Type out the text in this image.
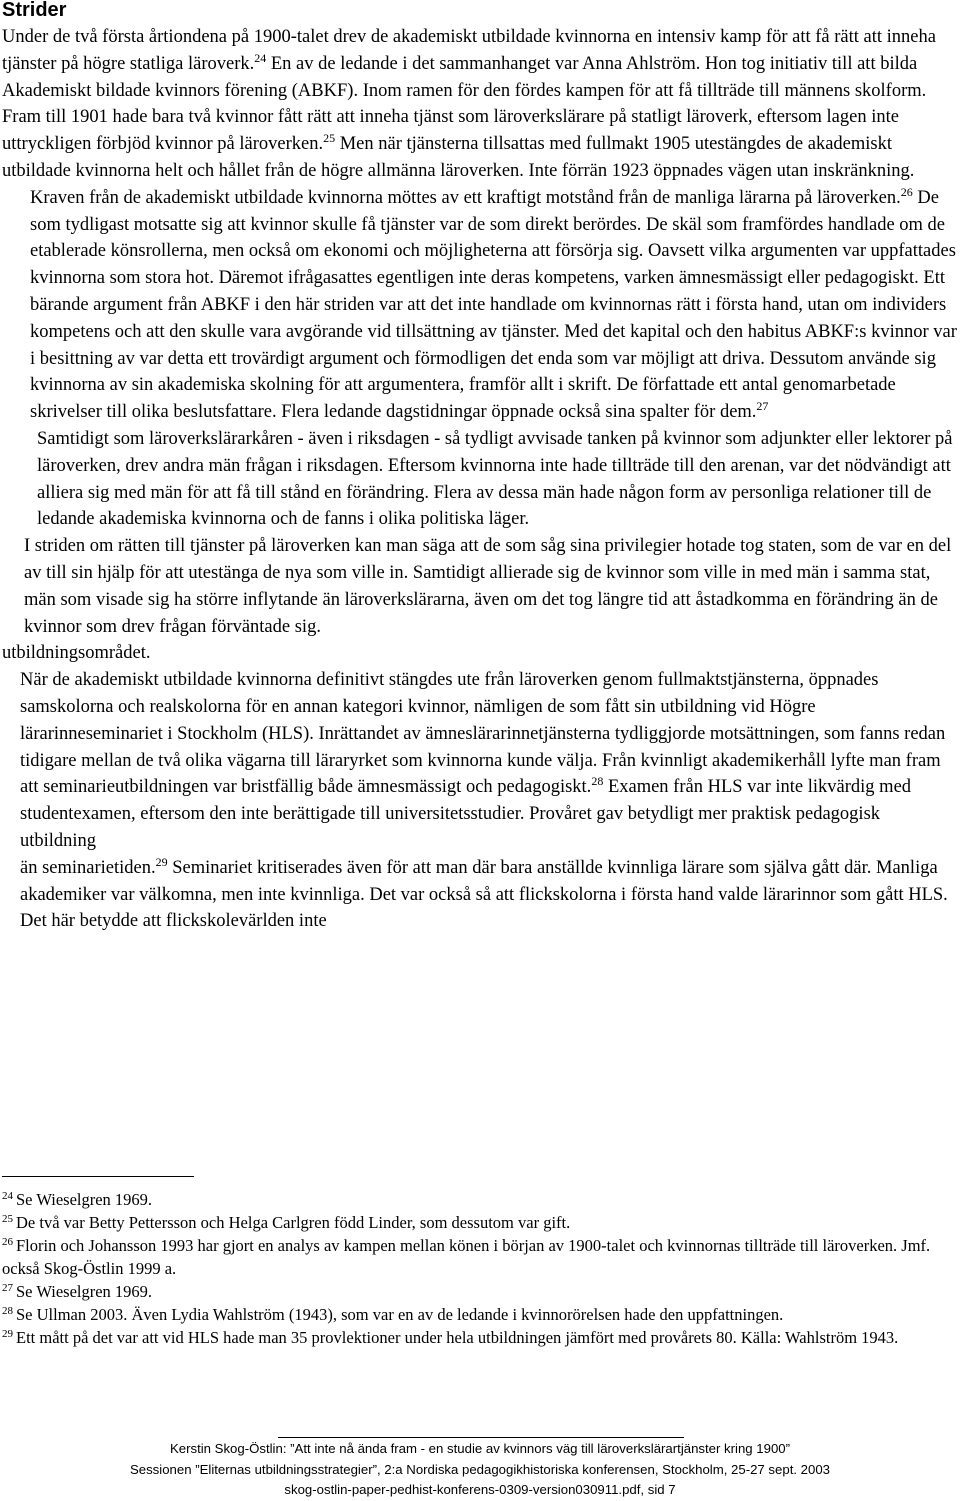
Strider

Under de två första årtiondena på 1900-talet drev de akademiskt utbildade kvinnorna en intensiv kamp för att få rätt att inneha tjänster på högre statliga läroverk.$^{24}$ En av de ledande i det sammanhanget var Anna Ahlström. Hon tog initiativ till att bilda Akademiskt bildade kvinnors förening (ABKF). Inom ramen för den fördes kampen för att få tillträde till männens skolform. Fram till 1901 hade bara två kvinnor fått rätt att inneha tjänst som läroverkslärare på statligt läroverk, eftersom lagen inte uttryckligen förbjöd kvinnor på läroverken.$^{25}$ Men när tjänsterna tillsattas med fullmakt 1905 utestängdes de akademiskt utbildade kvinnorna helt och hållet från de högre allmänna läroverken. Inte förrän 1923 öppnades vägen utan inskränkning.

Kraven från de akademiskt utbildade kvinnorna möttes av ett kraftigt motstånd från de manliga lärarna på läroverken.$^{26}$ De som tydligast motsatte sig att kvinnor skulle få tjänster var de som direkt berördes. De skäl som framfördes handlade om de etablerade könsrollerna, men också om ekonomi och möjligheterna att försörja sig. Oavsett vilka argumenten var uppfattades kvinnorna som stora hot. Däremot ifrågasattes egentligen inte deras kompetens, varken ämnesmässigt eller pedagogiskt. Ett bärande argument från ABKF i den här striden var att det inte handlade om kvinnornas rätt i första hand, utan om individers kompetens och att den skulle vara avgörande vid tillsättning av tjänster. Med det kapital och den habitus ABKF:s kvinnor var i besittning av var detta ett trovärdigt argument och förmodligen det enda som var möjligt att driva. Dessutom använde sig kvinnorna av sin akademiska skolning för att argumentera, framför allt i skrift. De författade ett antal genomarbetade skrivelser till olika beslutsfattare. Flera ledande dagstidningar öppnade också sina spalter för dem.$^{27}$

Samtidigt som läroverkslärarkåren - även i riksdagen - så tydligt avvisade tanken på kvinnor som adjunkter eller lektorer på läroverken, drev andra män frågan i riksdagen. Eftersom kvinnorna inte hade tillträde till den arenan, var det nödvändigt att alliera sig med män för att få till stånd en förändring. Flera av dessa män hade någon form av personliga relationer till de ledande akademiska kvinnorna och de fanns i olika politiska läger.

I striden om rätten till tjänster på läroverken kan man säga att de som såg sina privilegier hotade tog staten, som de var en del av till sin hjälp för att utestänga de nya som ville in. Samtidigt allierade sig de kvinnor som ville in med män i samma stat, män som visade sig ha större inflytande än läroverkslärarna, även om det tog längre tid att åstadkomma en förändring än de kvinnor som drev frågan förväntade sig.

utbildningsområdet.

När de akademiskt utbildade kvinnorna definitivt stängdes ute från läroverken genom fullmaktstjänsterna, öppnades samskolorna och realskolorna för en annan kategori kvinnor, nämligen de som fått sin utbildning vid Högre lärarinneseminariet i Stockholm (HLS). Inrättandet av ämneslärarinnetjänsterna tydliggjorde motsättningen, som fanns redan tidigare mellan de två olika vägarna till läraryrket som kvinnorna kunde välja. Från kvinnligt akademikerhåll lyfte man fram att seminarieutbildningen var bristfällig både ämnesmässigt och pedagogiskt.$^{28}$ Examen från HLS var inte likvärdig med studentexamen, eftersom den inte berättigade till universitetsstudier. Provåret gav betydligt mer praktisk pedagogisk utbildning
än seminarietiden.$^{29}$ Seminariet kritiserades även för att man där bara anställde kvinnliga lärare som själva gått där. Manliga akademiker var välkomna, men inte kvinnliga. Det var också så att flickskolorna i första hand valde lärarinnor som gått HLS. Det här betydde att flickskolevärlden inte

$^{24}$ Se Wieselgren 1969.

$^{25}$ De två var Betty Pettersson och Helga Carlgren född Linder, som dessutom var gift.

$^{26}$ Florin och Johansson 1993 har gjort en analys av kampen mellan könen i början av 1900-talet och kvinnornas tillträde till läroverken. Jmf. också Skog-Östlin 1999 a.

$^{27}$ Se Wieselgren 1969.

$^{28}$ Se Ullman 2003. Även Lydia Wahlström (1943), som var en av de ledande i kvinnorörelsen hade den uppfattningen.

$^{29}$ Ett mått på det var att vid HLS hade man 35 provlektioner under hela utbildningen jämfört med provårets 80. Källa: Wahlström 1943.

Kerstin Skog-Östlin: ”Att inte nå ända fram - en studie av kvinnors väg till läroverkslärartjänster kring 1900”

Sessionen ”Eliternas utbildningsstrategier”, 2:a Nordiska pedagogikhistoriska konferensen, Stockholm, 25-27 sept. 2003

skog-ostlin-paper-pedhist-konferens-0309-version030911.pdf, sid 7
